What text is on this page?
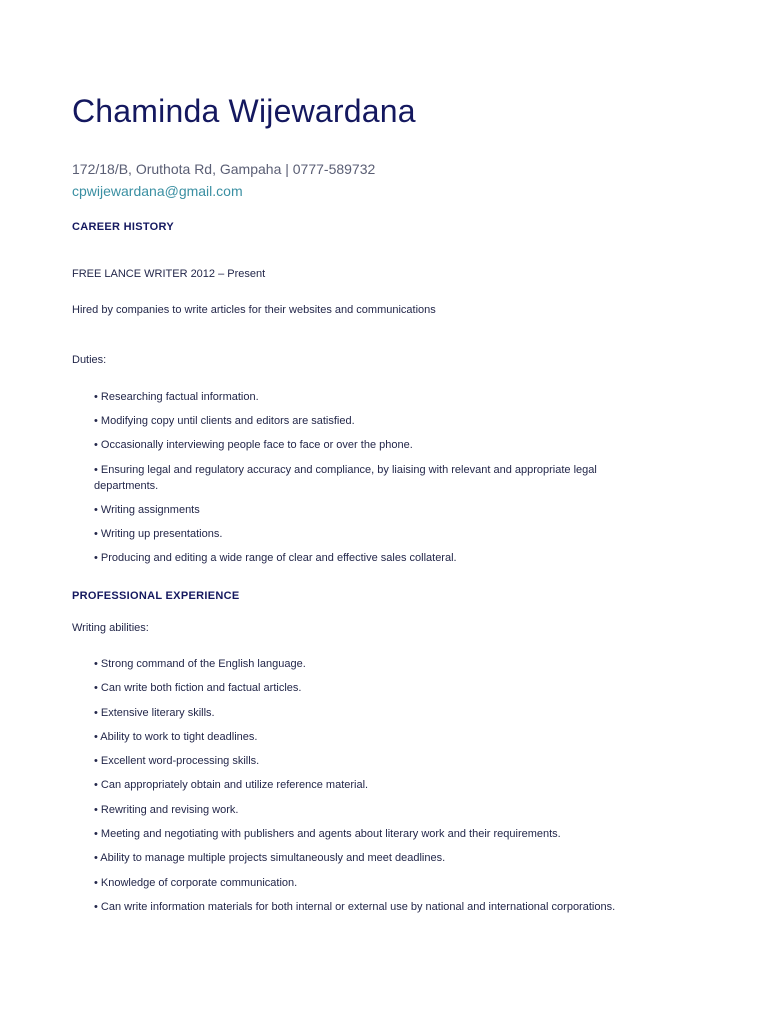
Chaminda Wijewardana
172/18/B, Oruthota Rd, Gampaha | 0777-589732
cpwijewardana@gmail.com
CAREER HISTORY
FREE LANCE WRITER 2012 – Present
Hired by companies to write articles for their websites and communications
Duties:
• Researching factual information.
• Modifying copy until clients and editors are satisfied.
• Occasionally interviewing people face to face or over the phone.
• Ensuring legal and regulatory accuracy and compliance, by liaising with relevant and appropriate legal departments.
• Writing assignments
• Writing up presentations.
• Producing and editing a wide range of clear and effective sales collateral.
PROFESSIONAL EXPERIENCE
Writing abilities:
• Strong command of the English language.
• Can write both fiction and factual articles.
• Extensive literary skills.
• Ability to work to tight deadlines.
• Excellent word-processing skills.
• Can appropriately obtain and utilize reference material.
• Rewriting and revising work.
• Meeting and negotiating with publishers and agents about literary work and their requirements.
• Ability to manage multiple projects simultaneously and meet deadlines.
• Knowledge of corporate communication.
• Can write information materials for both internal or external use by national and international corporations.
